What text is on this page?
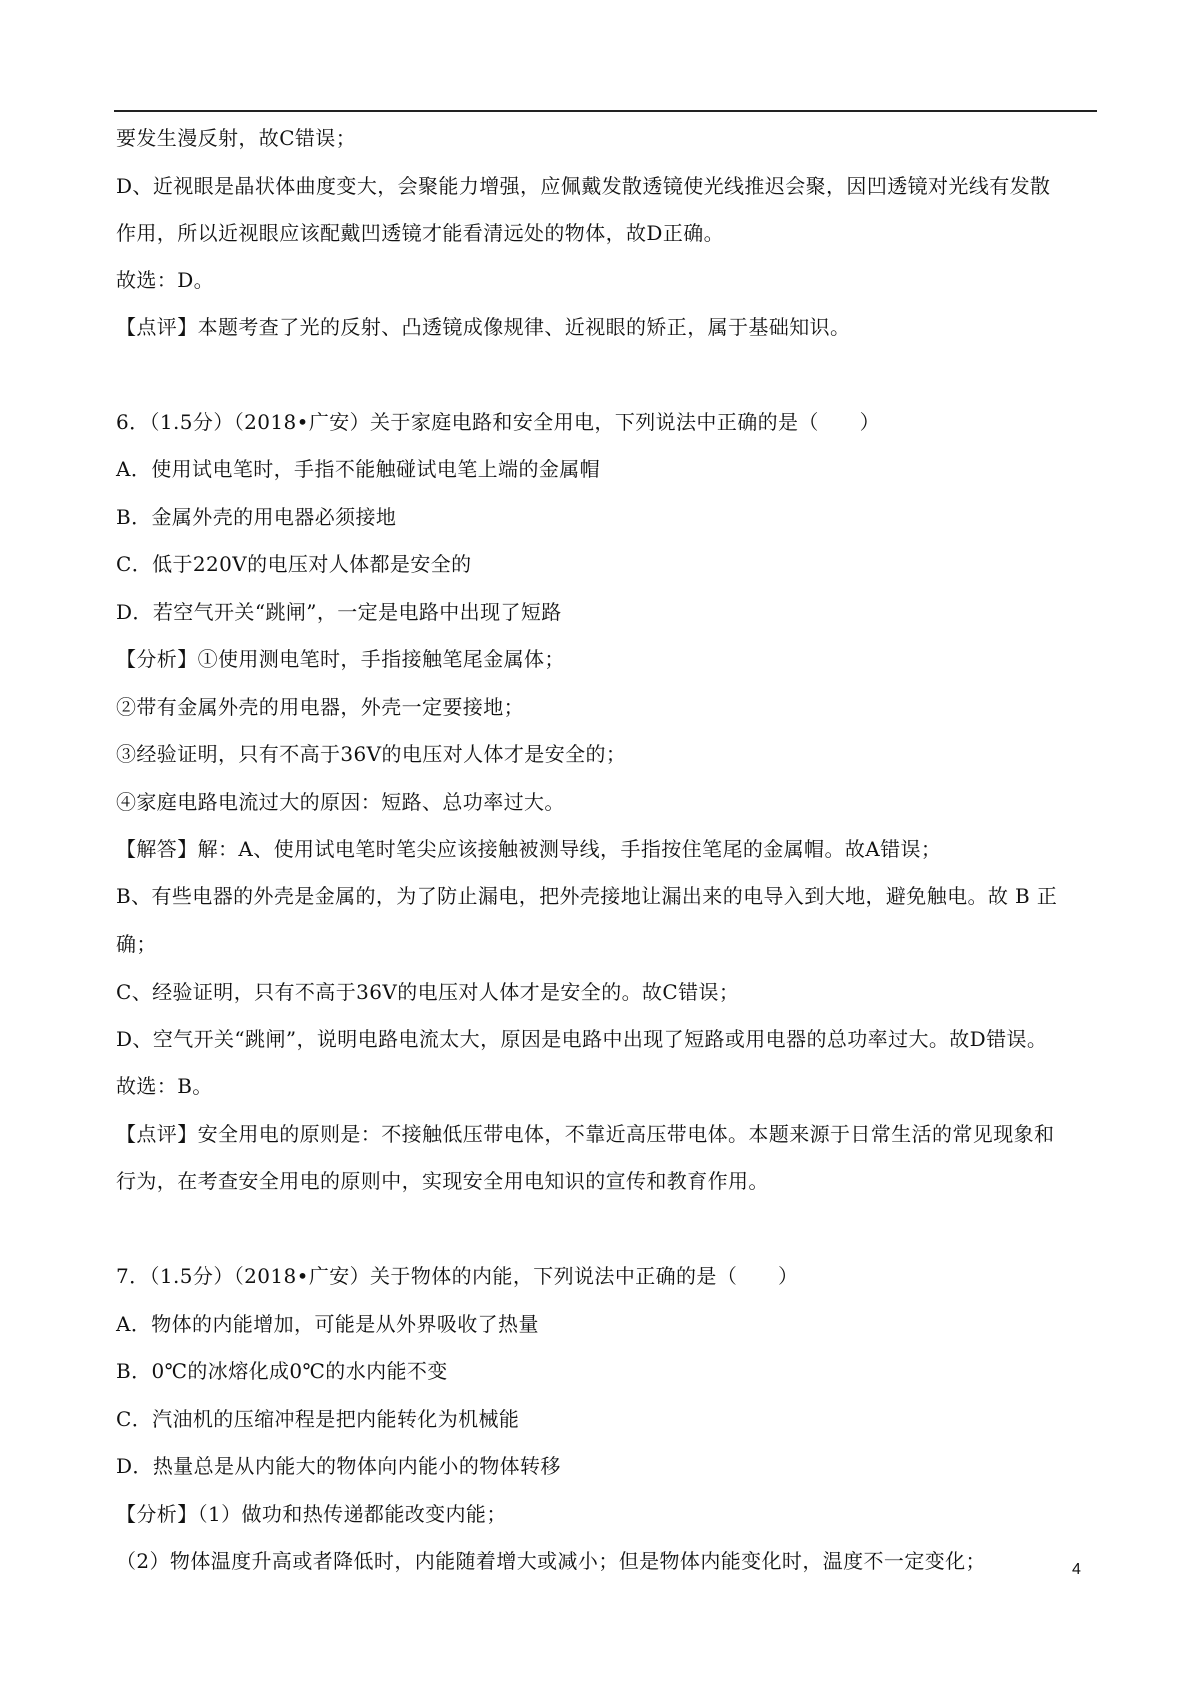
要发生漫反射，故C错误；
D、近视眼是晶状体曲度变大，会聚能力增强，应佩戴发散透镜使光线推迟会聚，因凹透镜对光线有发散
作用，所以近视眼应该配戴凹透镜才能看清远处的物体，故D正确。
故选：D。
【点评】本题考查了光的反射、凸透镜成像规律、近视眼的矫正，属于基础知识。
6．（1.5分）（2018•广安）关于家庭电路和安全用电，下列说法中正确的是（　　）
A．使用试电笔时，手指不能触碰试电笔上端的金属帽
B．金属外壳的用电器必须接地
C．低于220V的电压对人体都是安全的
D．若空气开关“跳闸”，一定是电路中出现了短路
【分析】①使用测电笔时，手指接触笔尾金属体；
②带有金属外壳的用电器，外壳一定要接地；
③经验证明，只有不高于36V的电压对人体才是安全的；
④家庭电路电流过大的原因：短路、总功率过大。
【解答】解：A、使用试电笔时笔尖应该接触被测导线，手指按住笔尾的金属帽。故A错误；
B、有些电器的外壳是金属的，为了防止漏电，把外壳接地让漏出来的电导入到大地，避免触电。故 B 正
确；
C、经验证明，只有不高于36V的电压对人体才是安全的。故C错误；
D、空气开关“跳闸”，说明电路电流太大，原因是电路中出现了短路或用电器的总功率过大。故D错误。
故选：B。
【点评】安全用电的原则是：不接触低压带电体，不靠近高压带电体。本题来源于日常生活的常见现象和
行为，在考查安全用电的原则中，实现安全用电知识的宣传和教育作用。
7．（1.5分）（2018•广安）关于物体的内能，下列说法中正确的是（　　）
A．物体的内能增加，可能是从外界吸收了热量
B．0℃的冰熔化成0℃的水内能不变
C．汽油机的压缩冲程是把内能转化为机械能
D．热量总是从内能大的物体向内能小的物体转移
【分析】（1）做功和热传递都能改变内能；
（2）物体温度升高或者降低时，内能随着增大或减小；但是物体内能变化时，温度不一定变化；	4
